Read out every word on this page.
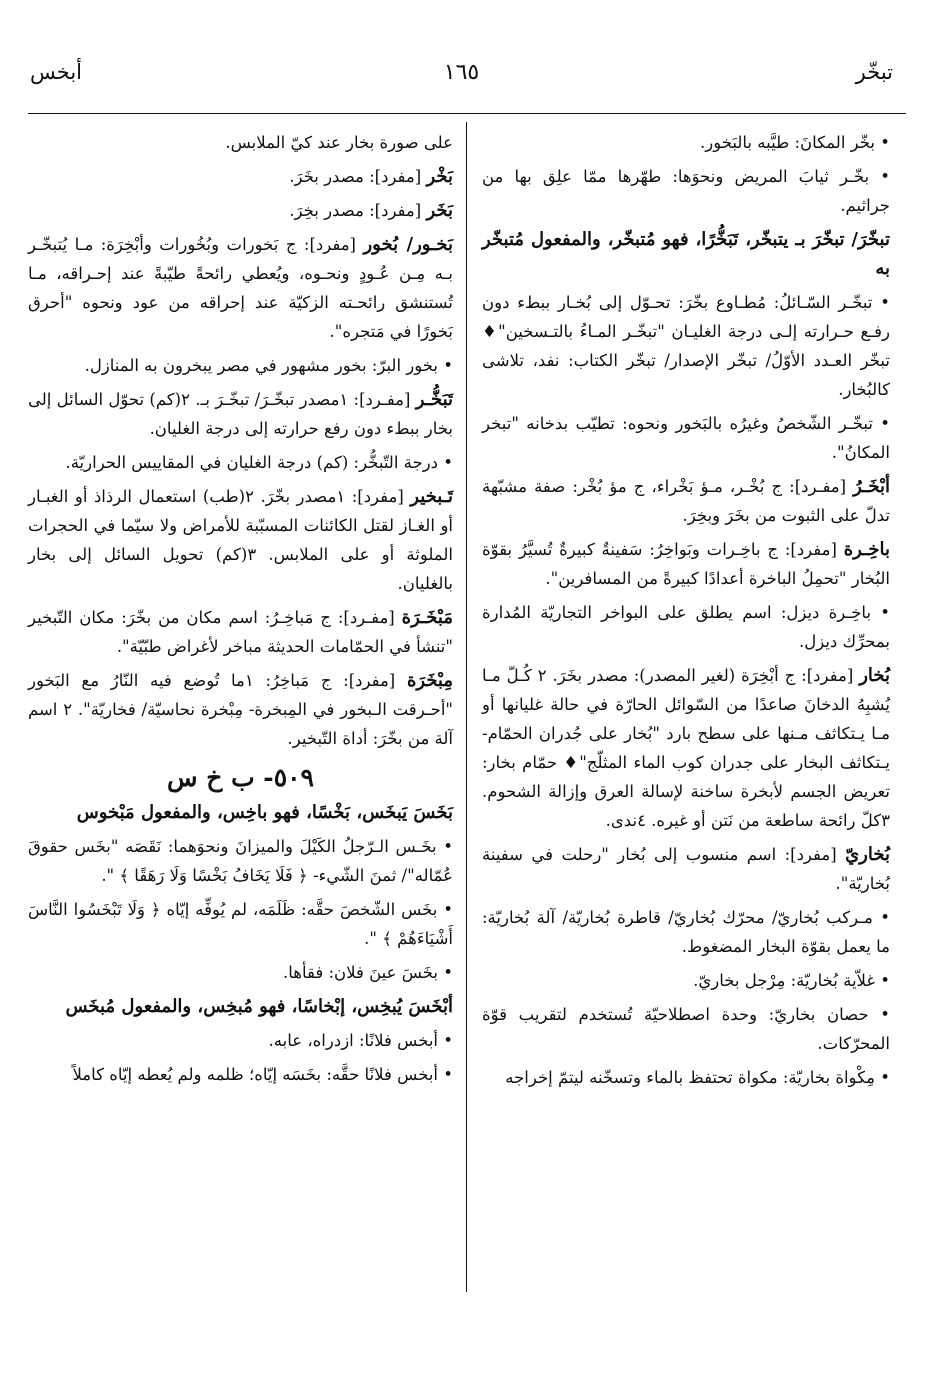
تبخّر
١٦٥
أبخس

• بخّر المكانَ: طيَّبه بالبَخور.

• بخّـر ثيابَ المريض ونحوَها: طهّرها ممّا علِق بها من جراثيم.

تبخّرَ/ تبخّرَ بـ يتبخّر، تَبَخُّرًا، فهو مُتبخّر، والمفعول مُتبخّر به

• تبخّـر السّـائلُ: مُطـاوع بخّرَ: تحـوّل إلى بُخـار ببطء دون رفـع حـرارته إلـى درجة الغليـان "تبخّـر المـاءُ بالتـسخين"♦ تبخّر العـدد الأوّلُ/ تبخّر الإصدار/ تبخّر الكتاب: نفد، تلاشى كالبُخار.

• تبخّـر الشّخصُ وغيرُه بالبَخور ونحوه: تطيّب بدخانه "تبخر المكانُ".

أبْخَـرُ [مفـرد]: ج بُخْـر، مـؤ بَخْراء، ج مؤ بُخْر: صفة مشبّهة تدلّ على الثبوت من بخَرَ وبخِرَ.

باخِـرة [مفرد]: ج باخِـرات وبَواخِرُ: سَفينةٌ كبيرةٌ تُسيَّرُ بقوّة البُخار "تحمِلُ الباخرة أعدادًا كبيرةً من المسافرين".

• باخِـرة ديزل: اسم يطلق على البواخر التجاريّة المُدارة بمحرِّك ديزل.

بُخار [مفرد]: ج أبْخِرَة (لغير المصدر): مصدر بخَرَ. ٢ كُـلّ مـا يُشبِهُ الدخانَ صاعدًا من السّوائل الحارّة في حالة غليانها أو مـا يـتكاثف مـنها على سطح بارد "بُخار على جُدران الحمّام- يـتكاثف البخار على جدران كوب الماء المثلّج"♦ حمّام بخار: تعريض الجسم لأبخرة ساخنة لإسالة العرق وإزالة الشحوم. ٣كلّ رائحة ساطعة من نَتن أو غيره. ٤ندى.

بُخاريّ [مفرد]: اسم منسوب إلى بُخار "رحلت في سفينة بُخاريّة".

• مـركب بُخاريّ/ محرّك بُخاريّ/ قاطرة بُخاريّة/ آلة بُخاريّة: ما يعمل بقوّة البخار المضغوط.

• غلاّية بُخاريّة: مِرْجل بخاريّ.

• حصان بخاريّ: وحدة اصطلاحيّة تُستخدم لتقريب قوّة المحرّكات.

• مِكْواة بخاريّة: مكواة تحتفظ بالماء وتسخّنه ليتمّ إخراجه

على صورة بخار عند كيّ الملابس.

بَخْر [مفرد]: مصدر بخَرَ.

بَخَر [مفرد]: مصدر بخِرَ.

بَخـور/ بُخور [مفرد]: ج بَخورات وبُخُورات وأبْخِرَة: مـا يُتبخّـر بـه مِـن عُـودٍ ونحـوه، ويُعطي رائحةً طيّبةً عند إحـراقه، مـا تُستنشق رائحـته الزكيّة عند إحراقه من عود ونحوه "أحرق بَخورًا في مَتجره".

• بخور البرّ: بخور مشهور في مصر يبخرون به المنازل.

تَبَخُّـر [مفـرد]: ١مصدر تبخّـرَ/ تبخّـرَ بـ. ٢(كم) تحوّل السائل إلى بخار ببطء دون رفع حرارته إلى درجة الغليان.

• درجة التّبخُّر: (كم) درجة الغليان في المقاييس الحراريّة.

تَـبخير [مفرد]: ١مصدر بخّرَ. ٢(طب) استعمال الرذاذ أو الغبـار أو الغـاز لقتل الكائنات المسبّبة للأمراض ولا سيّما في الحجرات الملوثة أو على الملابس. ٣(كم) تحويل السائل إلى بخار بالغليان.

مَبْخَـرَة [مفـرد]: ج مَباخِـرُ: اسم مكان من بخّرَ: مكان التّبخير "تنشأ في الحمّامات الحديثة مباخر لأغراض طبّيّة".

مِبْخَرَة [مفرد]: ج مَباخِرُ: ١ما تُوضع فيه النّارُ مع البَخور "أحـرقت الـبخور في المِبخرة- مِبْخرة نحاسيّة/ فخاريّة". ٢ اسم آلة من بخّرَ: أداة التّبخير.

٥٠٩- ب خ س

بَخَسَ يَبخَس، بَخْسًا، فهو باخِس، والمفعول مَبْخوس

• بخَـس الـرّجلُ الكَيْلَ والميزانَ ونحوَهما: نَقَصَه "بخَس حقوقَ عُمّاله"/ ثمنَ الشّيء- ﴿ فَلَا يَخَافُ بَخْسًا وَلَا رَهَقًا ﴾ ".

• بخَس الشّخصَ حقَّه: ظَلَمَه، لم يُوفِّه إيّاه ﴿ وَلَا تَبْخَسُوا النَّاسَ أَشْيَاءَهُمْ ﴾ ".

• بخَسَ عينَ فلان: فقأها.

أبْخَسَ يُبخِس، إبْخاسًا، فهو مُبخِس، والمفعول مُبخَس

• أبخس فلانًا: ازدراه، عابه.

• أبخس فلانًا حقَّه: بخَسَه إيّاه؛ ظلمه ولم يُعطه إيّاه كاملاً
